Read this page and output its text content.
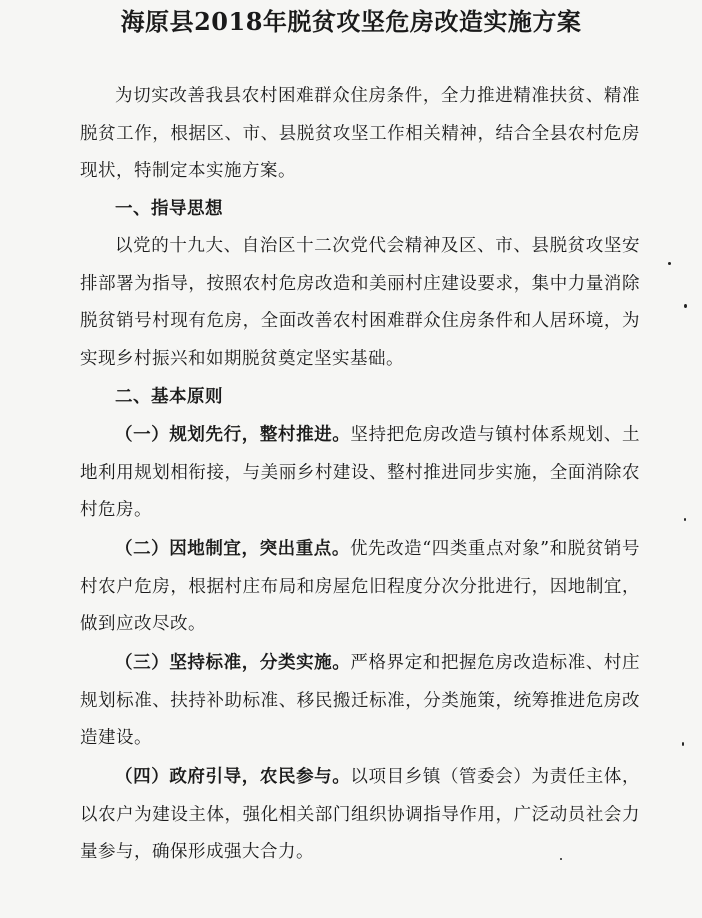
海原县2018年脱贫攻坚危房改造实施方案
为切实改善我县农村困难群众住房条件，全力推进精准扶贫、精准脱贫工作，根据区、市、县脱贫攻坚工作相关精神，结合全县农村危房现状，特制定本实施方案。
一、指导思想
以党的十九大、自治区十二次党代会精神及区、市、县脱贫攻坚安排部署为指导，按照农村危房改造和美丽村庄建设要求，集中力量消除脱贫销号村现有危房，全面改善农村困难群众住房条件和人居环境，为实现乡村振兴和如期脱贫奠定坚实基础。
二、基本原则
（一）规划先行，整村推进。坚持把危房改造与镇村体系规划、土地利用规划相衔接，与美丽乡村建设、整村推进同步实施，全面消除农村危房。
（二）因地制宜，突出重点。优先改造“四类重点对象”和脱贫销号村农户危房，根据村庄布局和房屋危旧程度分次分批进行，因地制宜，做到应改尽改。
（三）坚持标准，分类实施。严格界定和把握危房改造标准、村庄规划标准、扶持补助标准、移民搬迁标准，分类施策，统筹推进危房改造建设。
（四）政府引导，农民参与。以项目乡镇（管委会）为责任主体，以农户为建设主体，强化相关部门组织协调指导作用，广泛动员社会力量参与，确保形成强大合力。
